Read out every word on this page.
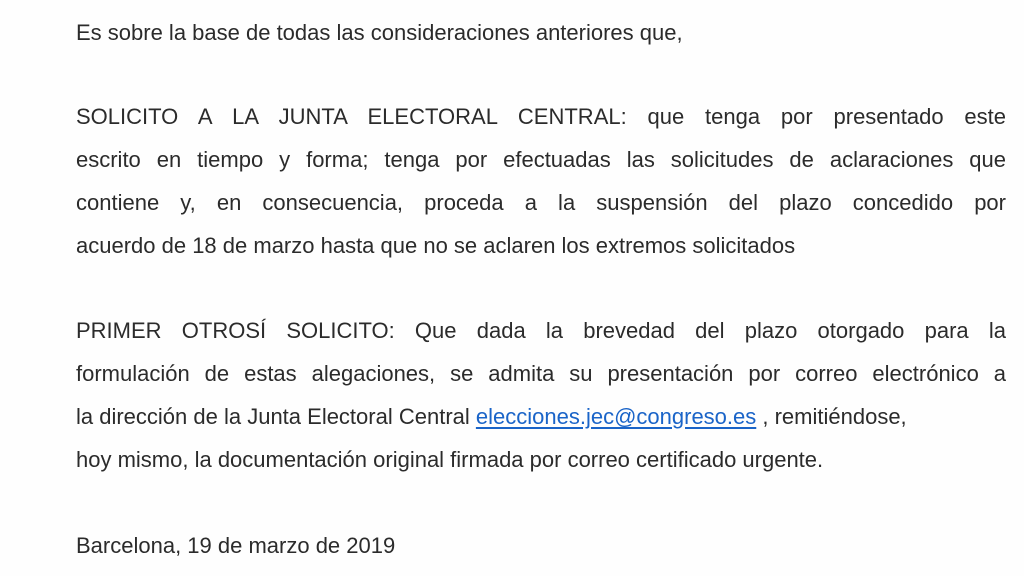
Es sobre la base de todas las consideraciones anteriores que,
SOLICITO A LA JUNTA ELECTORAL CENTRAL: que tenga por presentado este
escrito en tiempo y forma; tenga por efectuadas las solicitudes de aclaraciones que
contiene y, en consecuencia, proceda a la suspensión del plazo concedido por
acuerdo de 18 de marzo hasta que no se aclaren los extremos solicitados
PRIMER OTROSÍ SOLICITO: Que dada la brevedad del plazo otorgado para la
formulación de estas alegaciones, se admita su presentación por correo electrónico a
la dirección de la Junta Electoral Central elecciones.jec@congreso.es , remitiéndose,
hoy mismo, la documentación original firmada por correo certificado urgente.
Barcelona, 19 de marzo de 2019
